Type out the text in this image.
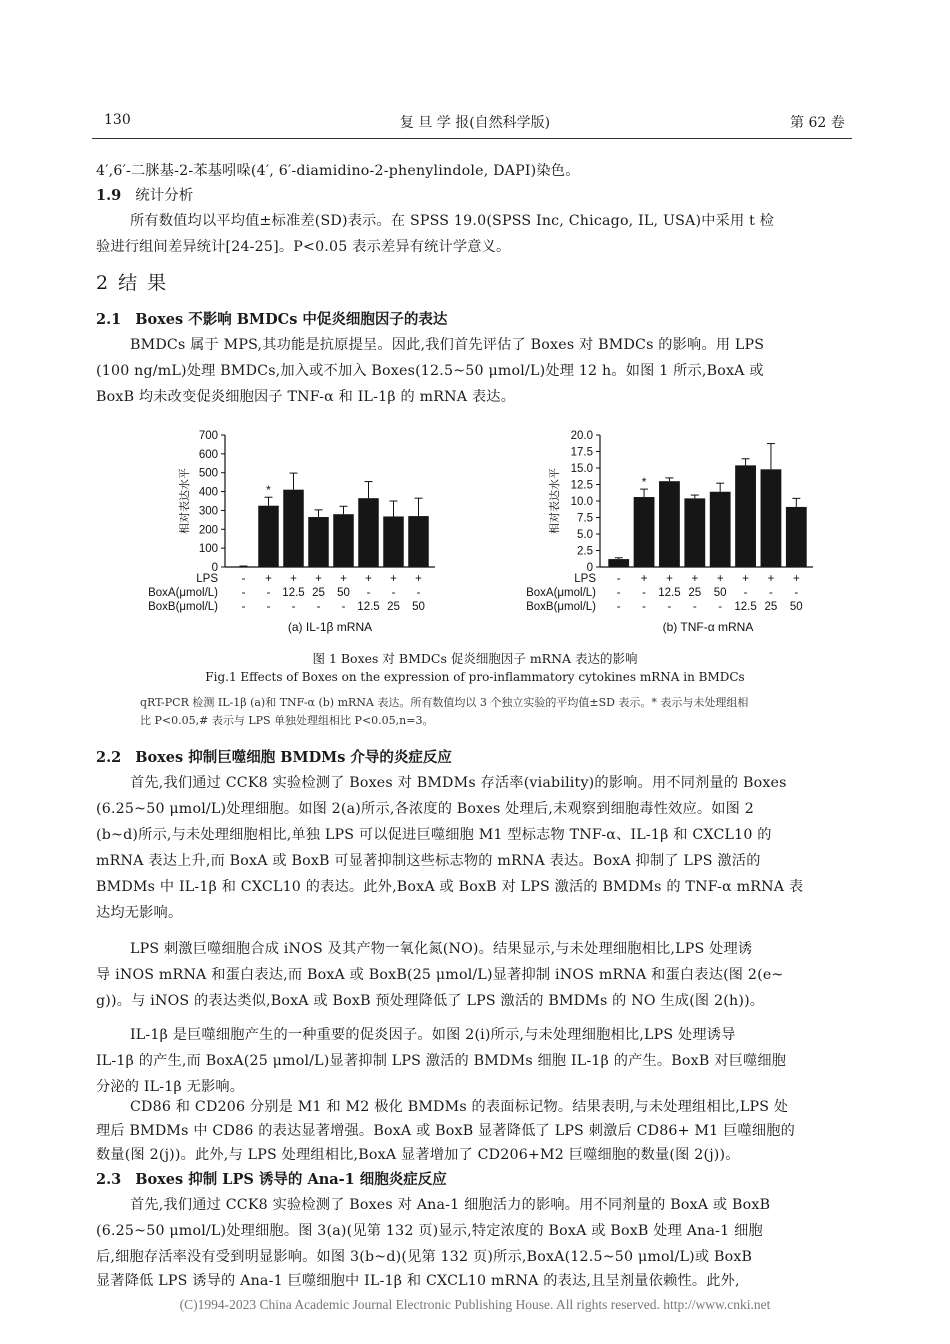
130	复 旦 学 报(自然科学版)	第 62 卷
4′,6′-二脒基-2-苯基吲哚(4′, 6′-diamidino-2-phenylindole, DAPI)染色。
1.9 统计分析
所有数值均以平均值±标准差(SD)表示。在 SPSS 19.0(SPSS Inc, Chicago, IL, USA)中采用 t 检
验进行组间差异统计[24-25]。P<0.05 表示差异有统计学意义。
2 结 果
2.1 Boxes 不影响 BMDCs 中促炎细胞因子的表达
BMDCs 属于 MPS,其功能是抗原提呈。因此,我们首先评估了 Boxes 对 BMDCs 的影响。用 LPS
(100 ng/mL)处理 BMDCs,加入或不加入 Boxes(12.5~50 μmol/L)处理 12 h。如图 1 所示,BoxA 或
BoxB 均未改变促炎细胞因子 TNF-α 和 IL-1β 的 mRNA 表达。
0
100
200
300
400
500
600
700
相对表达水平
-
-
-
*
+
-
-
+
12.5
-
+
25
-
+
50
-
+
-
12.5
+
-
25
+
-
50
LPS
BoxA(μmol/L)
BoxB(μmol/L)
(a) IL-1β mRNA
0
2.5
5.0
7.5
10.0
12.5
15.0
17.5
20.0
相对表达水平
-
-
-
*
+
-
-
+
12.5
-
+
25
-
+
50
-
+
-
12.5
+
-
25
+
-
50
LPS
BoxA(μmol/L)
BoxB(μmol/L)
(b) TNF-α mRNA
图 1 Boxes 对 BMDCs 促炎细胞因子 mRNA 表达的影响
Fig.1 Effects of Boxes on the expression of pro-inflammatory cytokines mRNA in BMDCs
qRT-PCR 检测 IL-1β (a)和 TNF-α (b) mRNA 表达。所有数值均以 3 个独立实验的平均值±SD 表示。* 表示与未处理组相
比 P<0.05,# 表示与 LPS 单独处理组相比 P<0.05,n=3。
2.2 Boxes 抑制巨噬细胞 BMDMs 介导的炎症反应
首先,我们通过 CCK8 实验检测了 Boxes 对 BMDMs 存活率(viability)的影响。用不同剂量的 Boxes
(6.25~50 μmol/L)处理细胞。如图 2(a)所示,各浓度的 Boxes 处理后,未观察到细胞毒性效应。如图 2
(b~d)所示,与未处理细胞相比,单独 LPS 可以促进巨噬细胞 M1 型标志物 TNF-α、IL-1β 和 CXCL10 的
mRNA 表达上升,而 BoxA 或 BoxB 可显著抑制这些标志物的 mRNA 表达。BoxA 抑制了 LPS 激活的
BMDMs 中 IL-1β 和 CXCL10 的表达。此外,BoxA 或 BoxB 对 LPS 激活的 BMDMs 的 TNF-α mRNA 表
达均无影响。
LPS 刺激巨噬细胞合成 iNOS 及其产物一氧化氮(NO)。结果显示,与未处理细胞相比,LPS 处理诱
导 iNOS mRNA 和蛋白表达,而 BoxA 或 BoxB(25 μmol/L)显著抑制 iNOS mRNA 和蛋白表达(图 2(e~
g))。与 iNOS 的表达类似,BoxA 或 BoxB 预处理降低了 LPS 激活的 BMDMs 的 NO 生成(图 2(h))。
IL-1β 是巨噬细胞产生的一种重要的促炎因子。如图 2(i)所示,与未处理细胞相比,LPS 处理诱导
IL-1β 的产生,而 BoxA(25 μmol/L)显著抑制 LPS 激活的 BMDMs 细胞 IL-1β 的产生。BoxB 对巨噬细胞
分泌的 IL-1β 无影响。
CD86 和 CD206 分别是 M1 和 M2 极化 BMDMs 的表面标记物。结果表明,与未处理组相比,LPS 处
理后 BMDMs 中 CD86 的表达显著增强。BoxA 或 BoxB 显著降低了 LPS 刺激后 CD86+ M1 巨噬细胞的
数量(图 2(j))。此外,与 LPS 处理组相比,BoxA 显著增加了 CD206+M2 巨噬细胞的数量(图 2(j))。
2.3 Boxes 抑制 LPS 诱导的 Ana-1 细胞炎症反应
首先,我们通过 CCK8 实验检测了 Boxes 对 Ana-1 细胞活力的影响。用不同剂量的 BoxA 或 BoxB
(6.25~50 μmol/L)处理细胞。图 3(a)(见第 132 页)显示,特定浓度的 BoxA 或 BoxB 处理 Ana-1 细胞
后,细胞存活率没有受到明显影响。如图 3(b~d)(见第 132 页)所示,BoxA(12.5~50 μmol/L)或 BoxB
显著降低 LPS 诱导的 Ana-1 巨噬细胞中 IL-1β 和 CXCL10 mRNA 的表达,且呈剂量依赖性。此外,
(C)1994-2023 China Academic Journal Electronic Publishing House. All rights reserved. http://www.cnki.net
